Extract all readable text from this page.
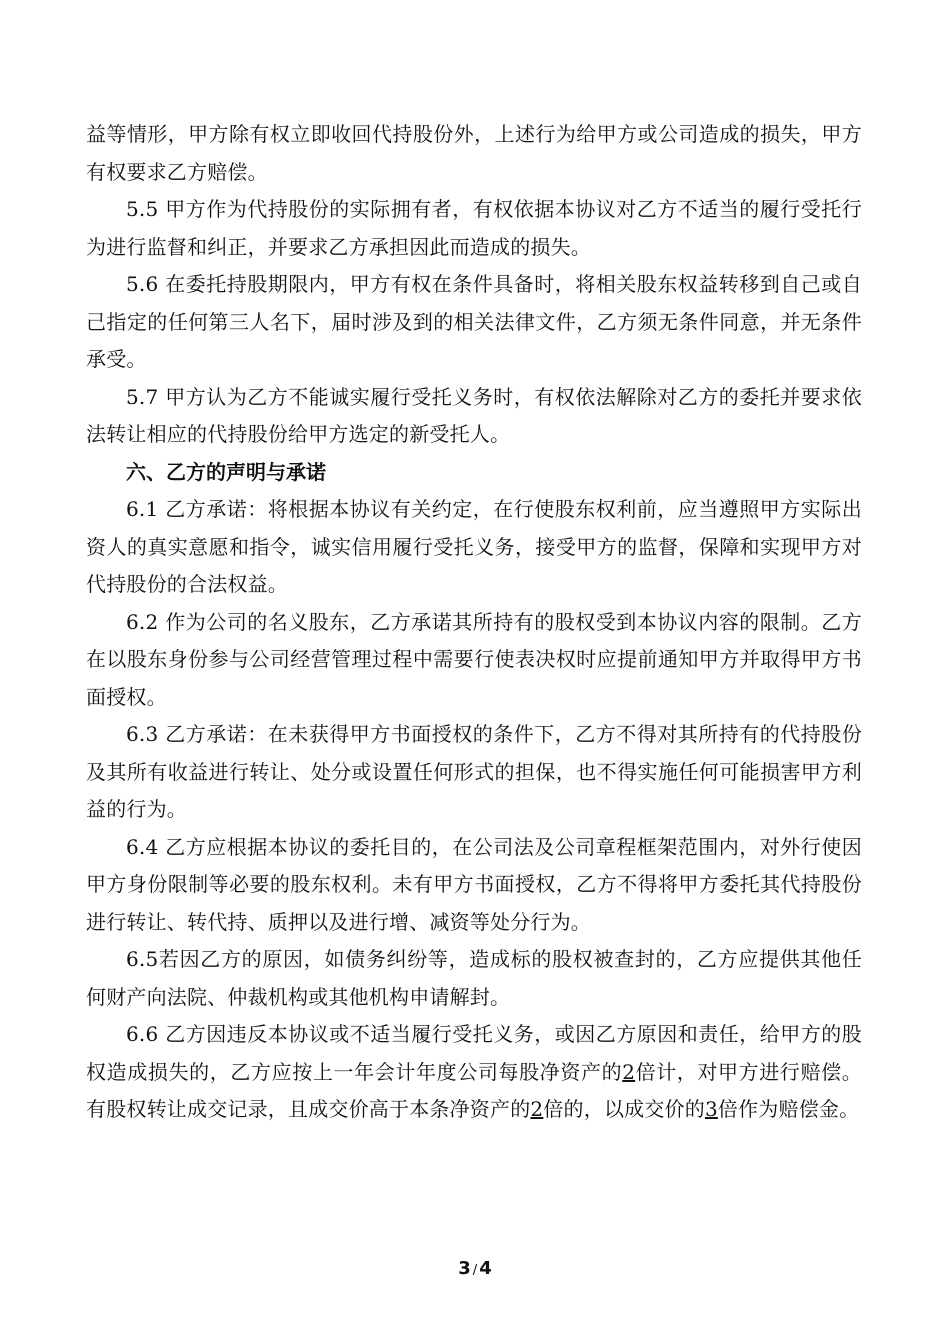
益等情形，甲方除有权立即收回代持股份外，上述行为给甲方或公司造成的损失，甲方有权要求乙方赔偿。

5.5 甲方作为代持股份的实际拥有者，有权依据本协议对乙方不适当的履行受托行为进行监督和纠正，并要求乙方承担因此而造成的损失。

5.6 在委托持股期限内，甲方有权在条件具备时，将相关股东权益转移到自己或自己指定的任何第三人名下，届时涉及到的相关法律文件，乙方须无条件同意，并无条件承受。

5.7 甲方认为乙方不能诚实履行受托义务时，有权依法解除对乙方的委托并要求依法转让相应的代持股份给甲方选定的新受托人。

六、乙方的声明与承诺

6.1 乙方承诺：将根据本协议有关约定，在行使股东权利前，应当遵照甲方实际出资人的真实意愿和指令，诚实信用履行受托义务，接受甲方的监督，保障和实现甲方对代持股份的合法权益。

6.2 作为公司的名义股东，乙方承诺其所持有的股权受到本协议内容的限制。乙方在以股东身份参与公司经营管理过程中需要行使表决权时应提前通知甲方并取得甲方书面授权。

6.3 乙方承诺：在未获得甲方书面授权的条件下，乙方不得对其所持有的代持股份及其所有收益进行转让、处分或设置任何形式的担保，也不得实施任何可能损害甲方利益的行为。

6.4 乙方应根据本协议的委托目的，在公司法及公司章程框架范围内，对外行使因甲方身份限制等必要的股东权利。未有甲方书面授权，乙方不得将甲方委托其代持股份进行转让、转代持、质押以及进行增、减资等处分行为。

6.5若因乙方的原因，如债务纠纷等，造成标的股权被查封的，乙方应提供其他任何财产向法院、仲裁机构或其他机构申请解封。

6.6 乙方因违反本协议或不适当履行受托义务，或因乙方原因和责任，给甲方的股权造成损失的，乙方应按上一年会计年度公司每股净资产的2倍计，对甲方进行赔偿。有股权转让成交记录，且成交价高于本条净资产的2倍的，以成交价的3倍作为赔偿金。

3 / 4
